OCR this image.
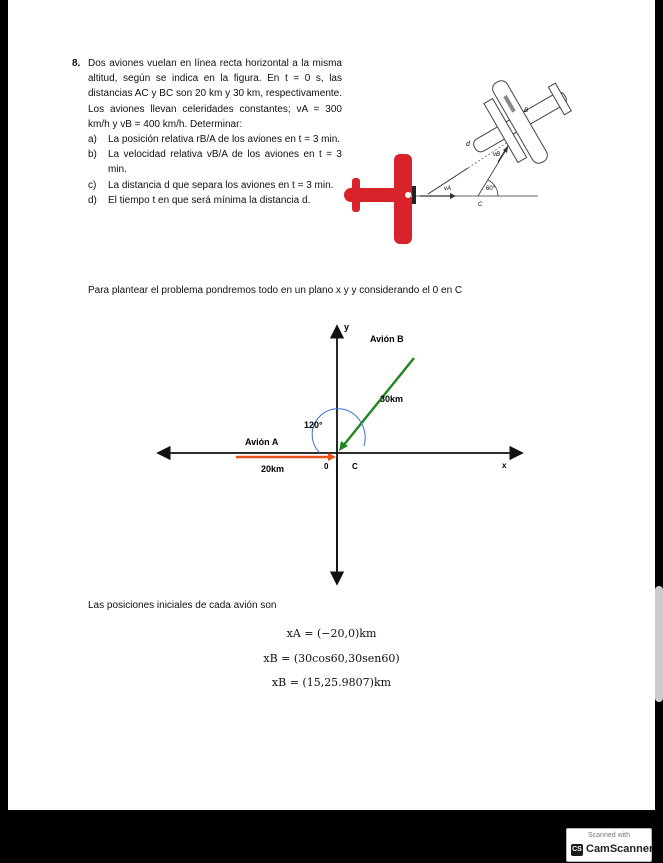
8. Dos aviones vuelan en línea recta horizontal a la misma altitud, según se indica en la figura. En t = 0 s, las distancias AC y BC son 20 km y 30 km, respectivamente. Los aviones llevan celeridades constantes; vA = 300 km/h y vB = 400 km/h. Determinar:

a) La posición relativa rB/A de los aviones en t = 3 min.

b) La velocidad relativa vB/A de los aviones en t = 3 min.

c) La distancia d que separa los aviones en t = 3 min.

d) El tiempo t en que será mínima la distancia d.

d
vB
vA
A
B
C
60°
Para plantear el problema pondremos todo en un plano x y y considerando el 0 en C
y
x
Avión B
30km
120°
Avión A
20km	0	C
Las posiciones iniciales de cada avión son
xA = (−20,0)km
xB = (30cos60,30sen60)
xB = (15,25.9807)km
Scanned with
CS CamScanner
